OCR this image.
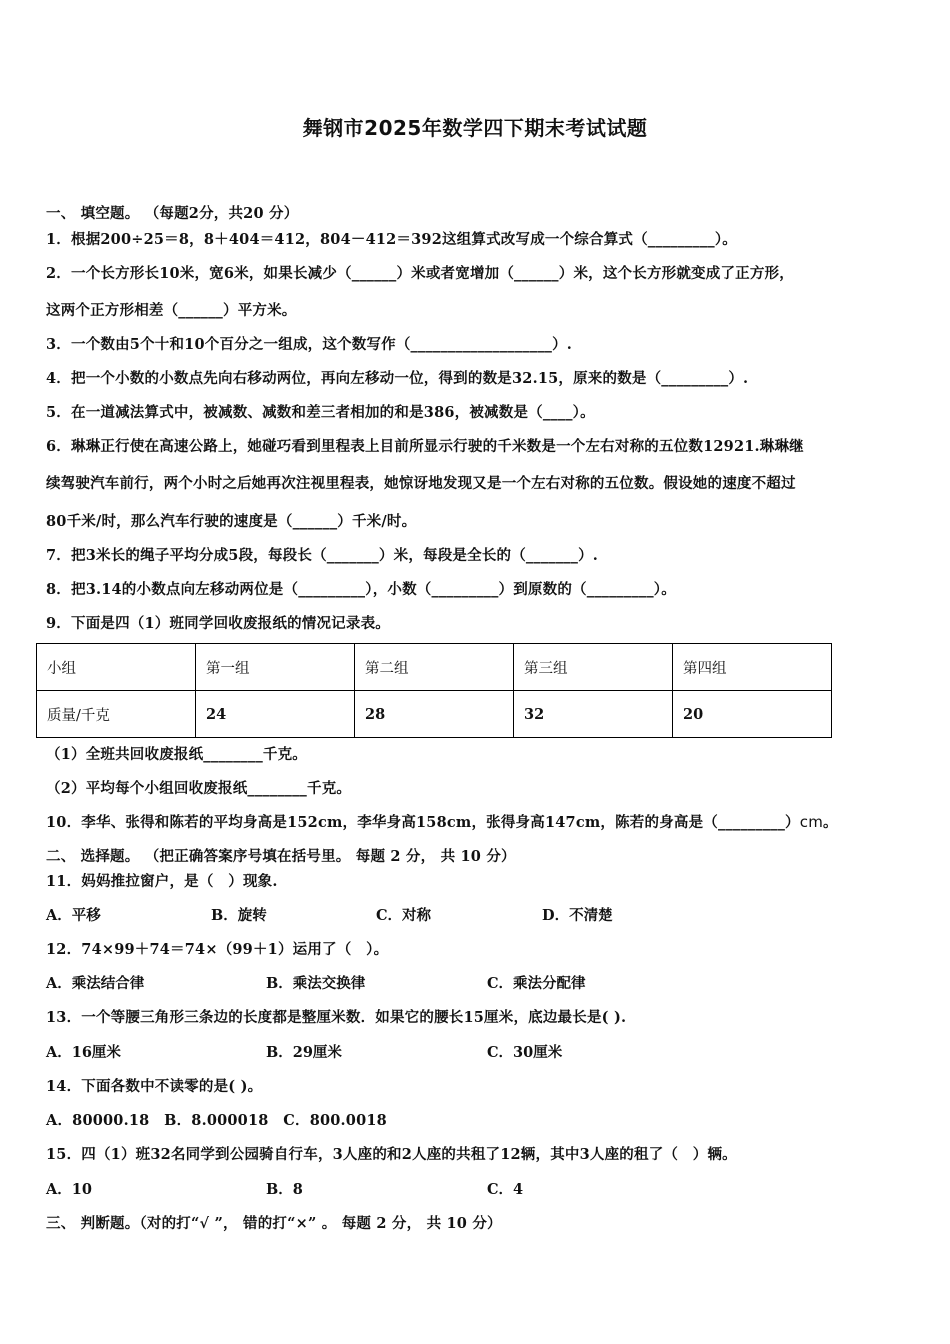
舞钢市2025年数学四下期末考试试题
一、 填空题。 （每题2分，共20 分）
1．根据200÷25＝8，8＋404＝412，804－412＝392这组算式改写成一个综合算式（_________）。
2．一个长方形长10米，宽6米，如果长减少（______）米或者宽增加（______）米，这个长方形就变成了正方形，
这两个正方形相差（______）平方米。
3．一个数由5个十和10个百分之一组成，这个数写作（___________________）.
4．把一个小数的小数点先向右移动两位，再向左移动一位，得到的数是32.15，原来的数是（_________）.
5．在一道减法算式中，被减数、减数和差三者相加的和是386，被减数是（____）。
6．琳琳正行使在高速公路上，她碰巧看到里程表上目前所显示行驶的千米数是一个左右对称的五位数12921.琳琳继
续驾驶汽车前行，两个小时之后她再次注视里程表，她惊讶地发现又是一个左右对称的五位数。假设她的速度不超过
80千米/时，那么汽车行驶的速度是（______）千米/时。
7．把3米长的绳子平均分成5段，每段长（_______）米，每段是全长的（_______）.
8．把3.14的小数点向左移动两位是（_________），小数（_________）到原数的（_________）。
9．下面是四（1）班同学回收废报纸的情况记录表。
小组	第一组	第二组	第三组	第四组
质量/千克	24	28	32	20
（1）全班共回收废报纸________千克。
（2）平均每个小组回收废报纸________千克。
10．李华、张得和陈若的平均身高是152cm，李华身高158cm，张得身高147cm，陈若的身高是（_________）cm。
二、 选择题。 （把正确答案序号填在括号里。 每题 2 分， 共 10 分）
11．妈妈推拉窗户，是（　）现象.
A．平移	B．旋转	C．对称	D．不清楚
12．74×99＋74＝74×（99＋1）运用了（　）。
A．乘法结合律	B．乘法交换律	C．乘法分配律
13．一个等腰三角形三条边的长度都是整厘米数．如果它的腰长15厘米，底边最长是( ).
A．16厘米	B．29厘米	C．30厘米
14．下面各数中不读零的是( )。
A．80000.18　B．8.000018　C．800.0018
15．四（1）班32名同学到公园骑自行车，3人座的和2人座的共租了12辆，其中3人座的租了（　）辆。
A．10	B．8	C．4
三、 判断题。（对的打“√ ”， 错的打“×” 。 每题 2 分， 共 10 分）
